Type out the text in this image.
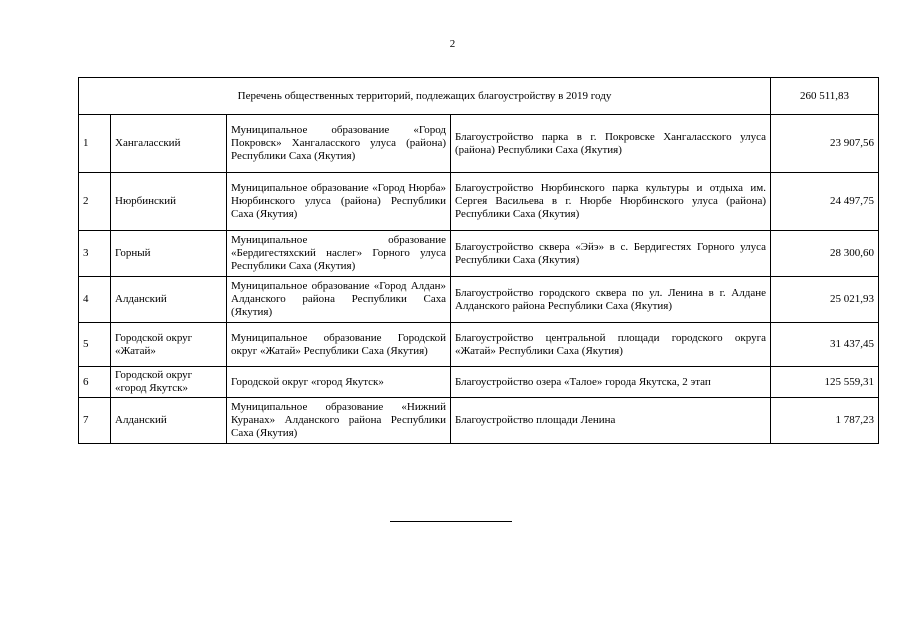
2
Перечень общественных территорий, подлежащих благоустройству в 2019 году				260 511,83
1	Хангаласский	Муниципальное образование «Город Покровск» Хангаласского улуса (района) Республики Саха (Якутия)	Благоустройство парка в г. Покровске Хангаласского улуса (района) Республики Саха (Якутия)	23 907,56
2	Нюрбинский	Муниципальное образование «Город Нюрба» Нюрбинского улуса (района) Республики Саха (Якутия)	Благоустройство Нюрбинского парка культуры и отдыха им. Сергея Васильева в г. Нюрбе Нюрбинского улуса (района) Республики Саха (Якутия)	24 497,75
3	Горный	Муниципальное образование «Бердигестяхский наслег» Горного улуса Республики Саха (Якутия)	Благоустройство сквера «Эйэ» в с. Бердигестях Горного улуса Республики Саха (Якутия)	28 300,60
4	Алданский	Муниципальное образование «Город Алдан» Алданского района Республики Саха (Якутия)	Благоустройство городского сквера по ул. Ленина в г. Алдане Алданского района Республики Саха (Якутия)	25 021,93
5	Городской округ «Жатай»	Муниципальное образование Городской округ «Жатай» Республики Саха (Якутия)	Благоустройство центральной площади городского округа «Жатай» Республики Саха (Якутия)	31 437,45
6	Городской округ «город Якутск»	Городской округ «город Якутск»	Благоустройство озера «Талое» города Якутска, 2 этап	125 559,31
7	Алданский	Муниципальное образование «Нижний Куранах» Алданского района Республики Саха (Якутия)	Благоустройство площади Ленина	1 787,23
